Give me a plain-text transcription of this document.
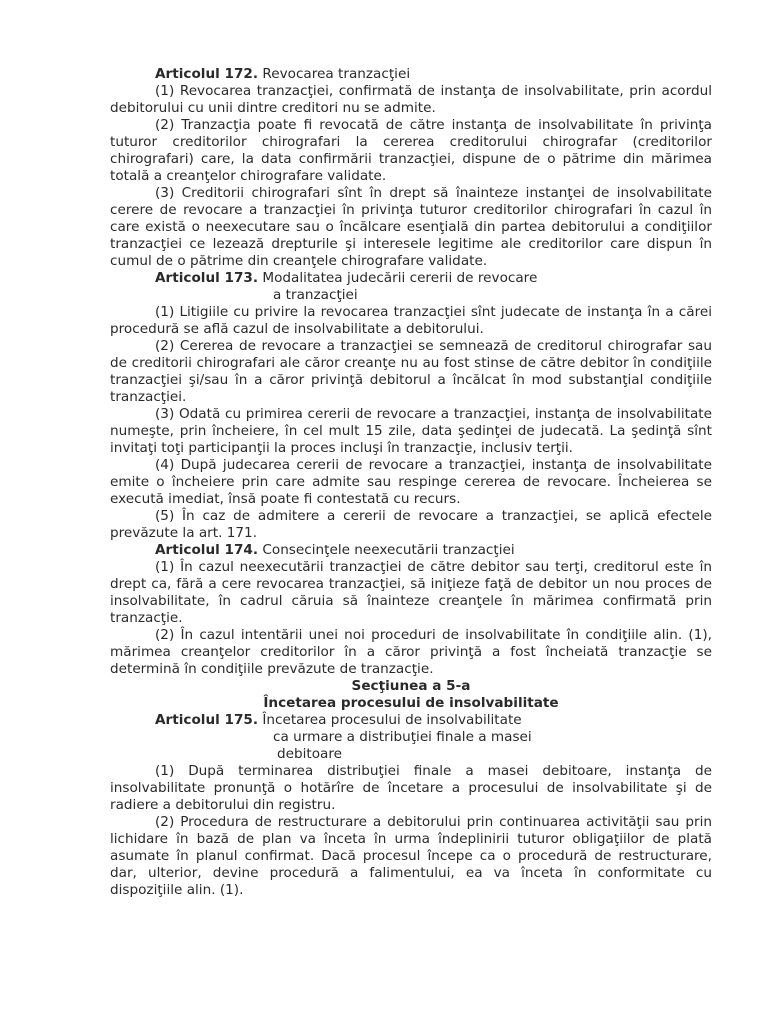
Articolul 172. Revocarea tranzacţiei

(1) Revocarea tranzacţiei, confirmată de instanţa de insolvabilitate, prin acordul debitorului cu unii dintre creditori nu se admite.

(2) Tranzacţia poate fi revocată de către instanţa de insolvabilitate în privinţa tuturor creditorilor chirografari la cererea creditorului chirografar (creditorilor chirografari) care, la data confirmării tranzacţiei, dispune de o pătrime din mărimea totală a creanţelor chirografare validate.

(3) Creditorii chirografari sînt în drept să înainteze instanţei de insolvabilitate cerere de revocare a tranzacţiei în privinţa tuturor creditorilor chirografari în cazul în care există o neexecutare sau o încălcare esenţială din partea debitorului a condiţiilor tranzacţiei ce lezează drepturile şi interesele legitime ale creditorilor care dispun în cumul de o pătrime din creanţele chirografare validate.

Articolul 173. Modalitatea judecării cererii de revocare

a tranzacţiei

(1) Litigiile cu privire la revocarea tranzacţiei sînt judecate de instanţa în a cărei procedură se află cazul de insolvabilitate a debitorului.

(2) Cererea de revocare a tranzacţiei se semnează de creditorul chirografar sau de creditorii chirografari ale căror creanţe nu au fost stinse de către debitor în condiţiile tranzacţiei şi/sau în a căror privinţă debitorul a încălcat în mod substanţial condiţiile tranzacţiei.

(3) Odată cu primirea cererii de revocare a tranzacţiei, instanţa de insolvabilitate numeşte, prin încheiere, în cel mult 15 zile, data şedinţei de judecată. La şedinţă sînt invitaţi toţi participanţii la proces incluşi în tranzacţie, inclusiv terţii.

(4) După judecarea cererii de revocare a tranzacţiei, instanţa de insolvabilitate emite o încheiere prin care admite sau respinge cererea de revocare. Încheierea se execută imediat, însă poate fi contestată cu recurs.

(5) În caz de admitere a cererii de revocare a tranzacţiei, se aplică efectele prevăzute la art. 171.

Articolul 174. Consecinţele neexecutării tranzacţiei

(1) În cazul neexecutării tranzacţiei de către debitor sau terţi, creditorul este în drept ca, fără a cere revocarea tranzacţiei, să iniţieze faţă de debitor un nou proces de insolvabilitate, în cadrul căruia să înainteze creanţele în mărimea confirmată prin tranzacţie.

(2) În cazul intentării unei noi proceduri de insolvabilitate în condiţiile alin. (1), mărimea creanţelor creditorilor în a căror privinţă a fost încheiată tranzacţie se determină în condiţiile prevăzute de tranzacţie.

Secţiunea a 5-a

Încetarea procesului de insolvabilitate

Articolul 175. Încetarea procesului de insolvabilitate

ca urmare a distribuţiei finale a masei

debitoare

(1) După terminarea distribuţiei finale a masei debitoare, instanţa de insolvabilitate pronunţă o hotărîre de încetare a procesului de insolvabilitate şi de radiere a debitorului din registru.

(2) Procedura de restructurare a debitorului prin continuarea activităţii sau prin lichidare în bază de plan va înceta în urma îndeplinirii tuturor obligaţiilor de plată asumate în planul confirmat. Dacă procesul începe ca o procedură de restructurare, dar, ulterior, devine procedură a falimentului, ea va înceta în conformitate cu dispoziţiile alin. (1).
